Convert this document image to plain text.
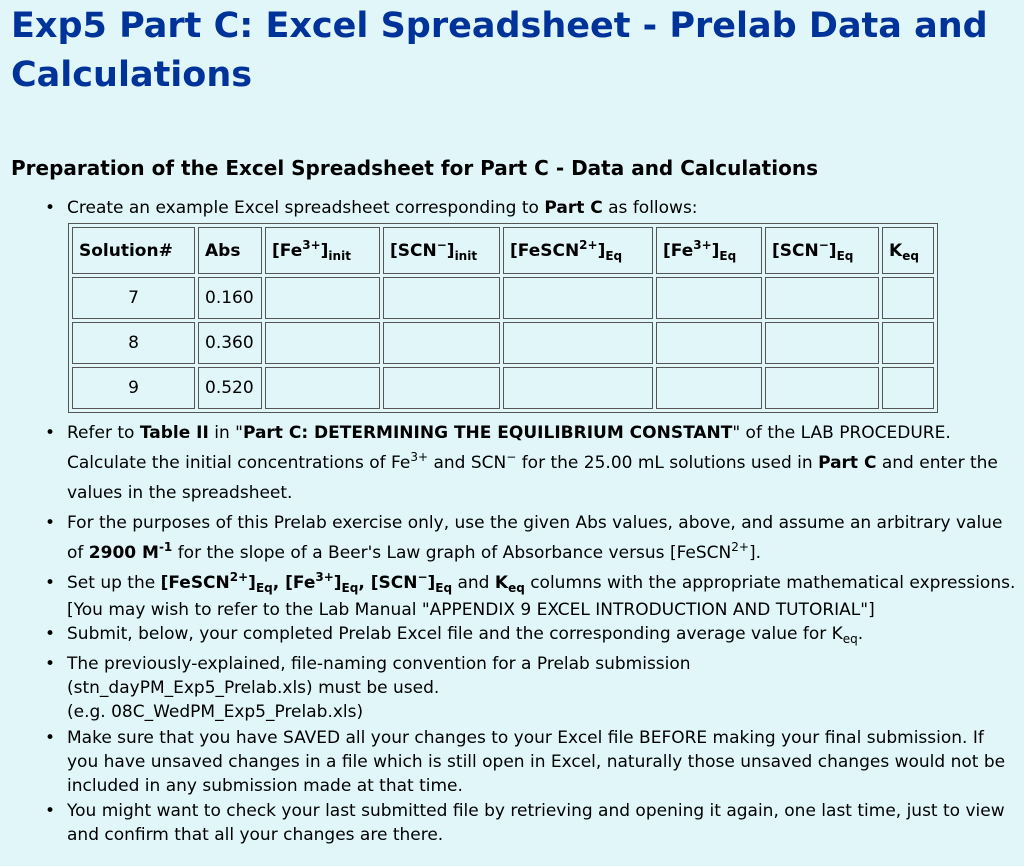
Exp5 Part C: Excel Spreadsheet - Prelab Data and Calculations
Preparation of the Excel Spreadsheet for Part C - Data and Calculations
• Create an example Excel spreadsheet corresponding to Part C as follows:
Solution#	Abs	$[Fe^{3+}]_{init}$	$[SCN^-]_{init}$	$[FeSCN^{2+}]_{Eq}$	$[Fe^{3+}]_{Eq}$	$[SCN^-]_{Eq}$	$K_{eq}$
7	0.160						
8	0.360						
9	0.520						
• Refer to Table II in "Part C: DETERMINING THE EQUILIBRIUM CONSTANT" of the LAB PROCEDURE. Calculate the initial concentrations of $Fe^{3+}$ and SCN− for the 25.00 mL solutions used in Part C and enter the values in the spreadsheet.
• For the purposes of this Prelab exercise only, use the given Abs values, above, and assume an arbitrary value of 2900 $M^{-1}$ for the slope of a Beer's Law graph of Absorbance versus [FeSCN$^{2+}$].
• Set up the $[FeSCN^{2+}]_{Eq}$, $[Fe^{3+}]_{Eq}$, $[SCN^-]_{Eq}$ and $K_{eq}$ columns with the appropriate mathematical expressions.
[You may wish to refer to the Lab Manual "APPENDIX 9 EXCEL INTRODUCTION AND TUTORIAL"]
• Submit, below, your completed Prelab Excel file and the corresponding average value for $K_{eq}$.
• The previously-explained, file-naming convention for a Prelab submission
(stn_dayPM_Exp5_Prelab.xls) must be used.
(e.g. 08C_WedPM_Exp5_Prelab.xls)
• Make sure that you have SAVED all your changes to your Excel file BEFORE making your final submission. If you have unsaved changes in a file which is still open in Excel, naturally those unsaved changes would not be included in any submission made at that time.
• You might want to check your last submitted file by retrieving and opening it again, one last time, just to view and confirm that all your changes are there.
